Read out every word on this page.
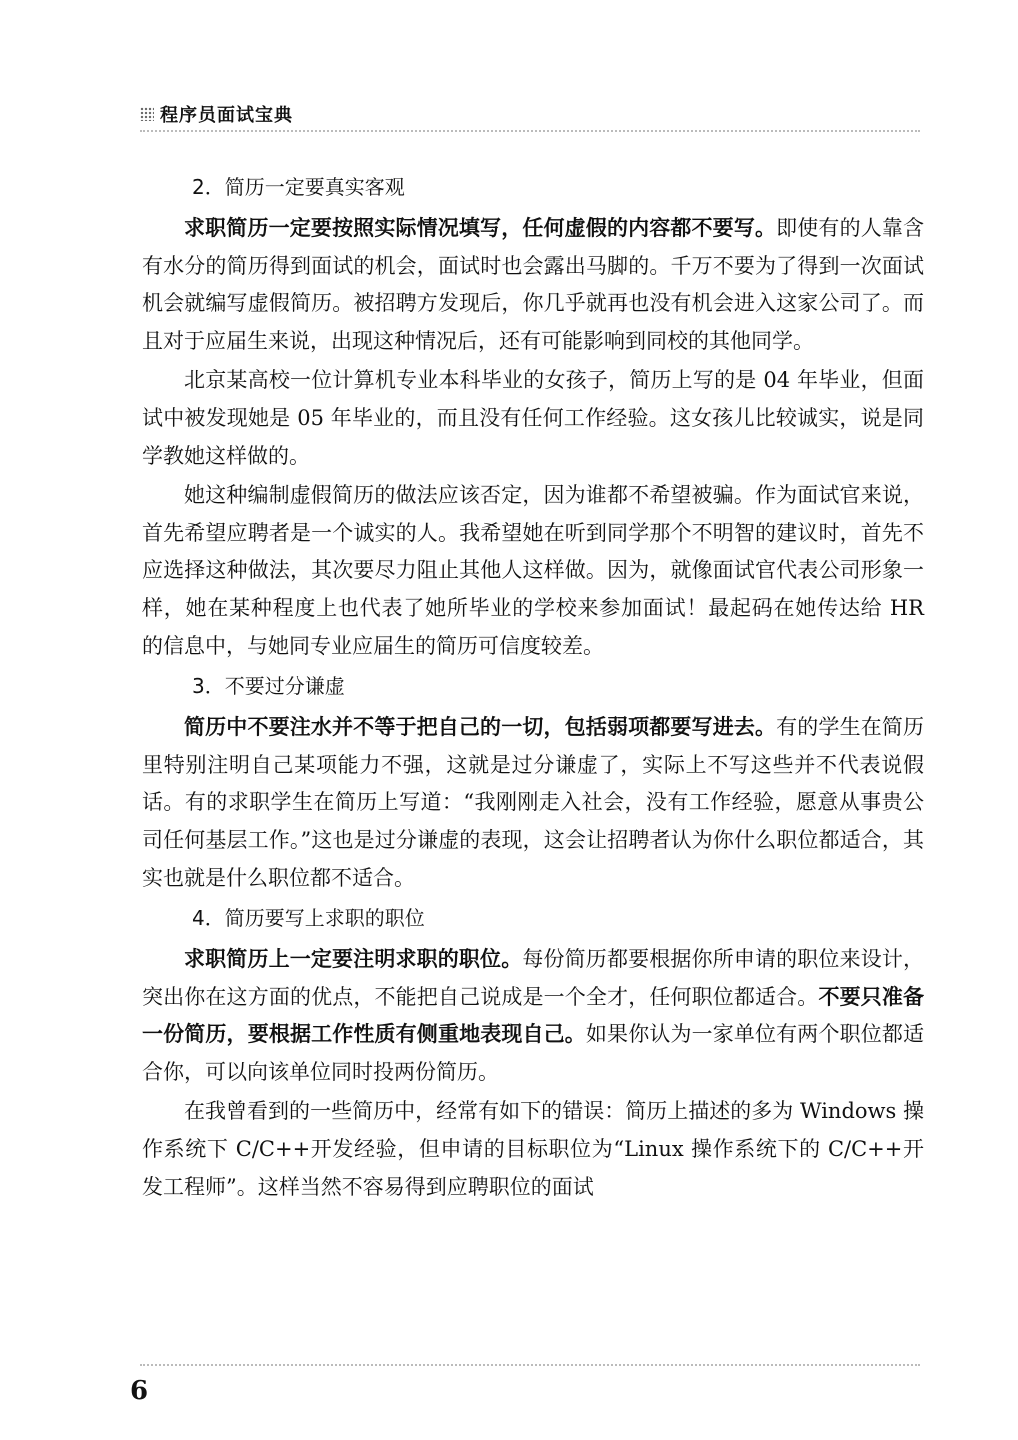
程序员面试宝典
2．简历一定要真实客观

求职简历一定要按照实际情况填写，任何虚假的内容都不要写。即使有的人靠含有水分的简历得到面试的机会，面试时也会露出马脚的。千万不要为了得到一次面试机会就编写虚假简历。被招聘方发现后，你几乎就再也没有机会进入这家公司了。而且对于应届生来说，出现这种情况后，还有可能影响到同校的其他同学。

北京某高校一位计算机专业本科毕业的女孩子，简历上写的是 04 年毕业，但面试中被发现她是 05 年毕业的，而且没有任何工作经验。这女孩儿比较诚实，说是同学教她这样做的。

她这种编制虚假简历的做法应该否定，因为谁都不希望被骗。作为面试官来说，首先希望应聘者是一个诚实的人。我希望她在听到同学那个不明智的建议时，首先不应选择这种做法，其次要尽力阻止其他人这样做。因为，就像面试官代表公司形象一样，她在某种程度上也代表了她所毕业的学校来参加面试！最起码在她传达给 HR 的信息中，与她同专业应届生的简历可信度较差。

3．不要过分谦虚

简历中不要注水并不等于把自己的一切，包括弱项都要写进去。有的学生在简历里特别注明自己某项能力不强，这就是过分谦虚了，实际上不写这些并不代表说假话。有的求职学生在简历上写道：“我刚刚走入社会，没有工作经验，愿意从事贵公司任何基层工作。”这也是过分谦虚的表现，这会让招聘者认为你什么职位都适合，其实也就是什么职位都不适合。

4．简历要写上求职的职位

求职简历上一定要注明求职的职位。每份简历都要根据你所申请的职位来设计，突出你在这方面的优点，不能把自己说成是一个全才，任何职位都适合。不要只准备一份简历，要根据工作性质有侧重地表现自己。如果你认为一家单位有两个职位都适合你，可以向该单位同时投两份简历。

在我曾看到的一些简历中，经常有如下的错误：简历上描述的多为 Windows 操作系统下 C/C++开发经验，但申请的目标职位为“Linux 操作系统下的 C/C++开发工程师”。这样当然不容易得到应聘职位的面试

6
